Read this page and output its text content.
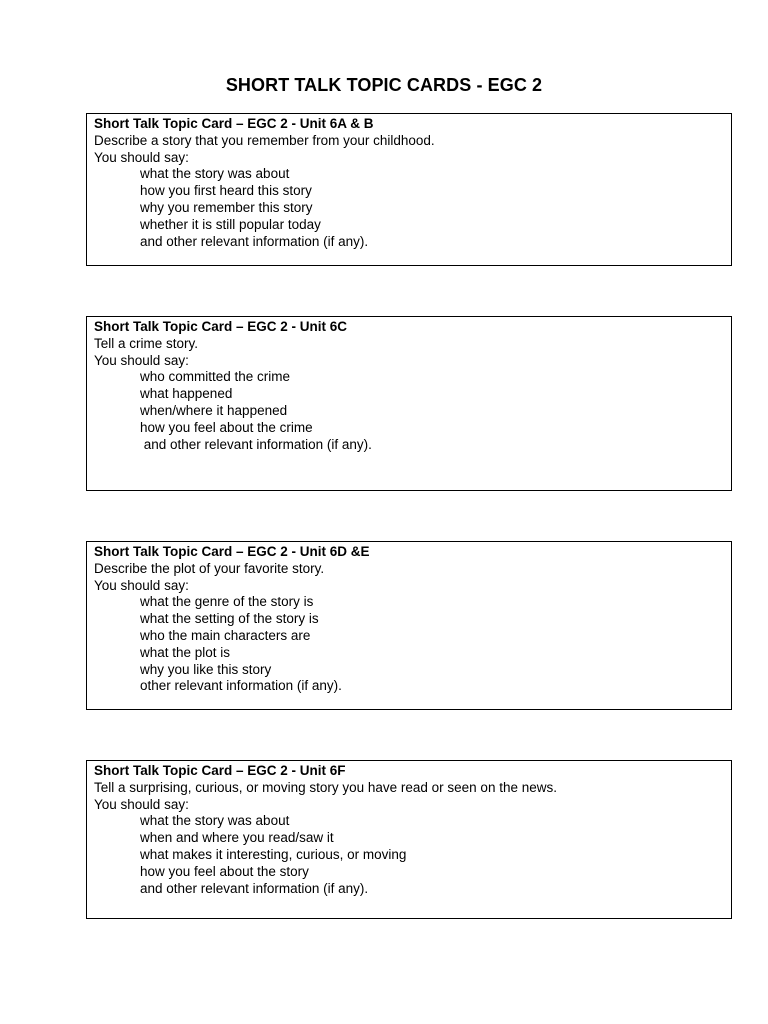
SHORT TALK TOPIC CARDS - EGC 2
Short Talk Topic Card – EGC 2 - Unit 6A & B
Describe a story that you remember from your childhood.
You should say:
what the story was about
how you first heard this story
why you remember this story
whether it is still popular today
and other relevant information (if any).
Short Talk Topic Card – EGC 2 - Unit 6C
Tell a crime story.
You should say:
who committed the crime
what happened
when/where it happened
how you feel about the crime
and other relevant information (if any).
Short Talk Topic Card – EGC 2 - Unit 6D &E
Describe the plot of your favorite story.
You should say:
what the genre of the story is
what the setting of the story is
who the main characters are
what the plot is
why you like this story
other relevant information (if any).
Short Talk Topic Card – EGC 2 - Unit 6F
Tell a surprising, curious, or moving story you have read or seen on the news.
You should say:
what the story was about
when and where you read/saw it
what makes it interesting, curious, or moving
how you feel about the story
and other relevant information (if any).
